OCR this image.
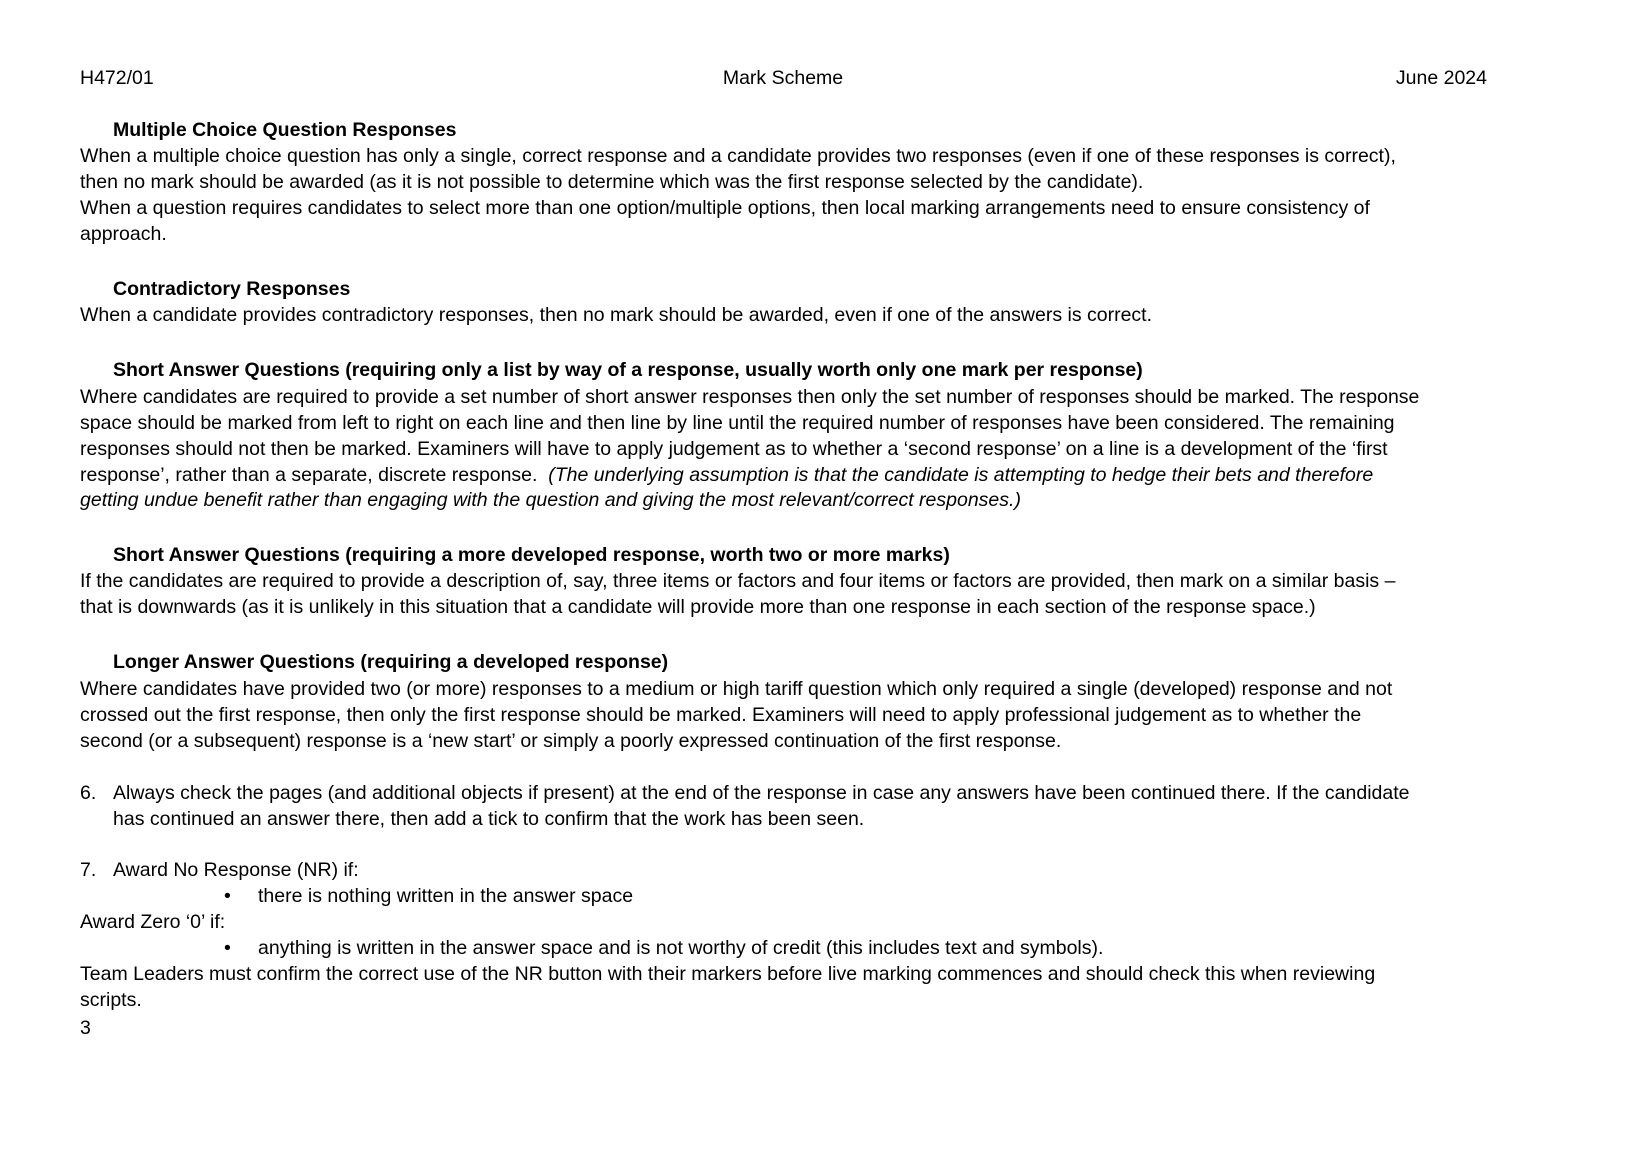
H472/01	Mark Scheme	June 2024
Multiple Choice Question Responses
When a multiple choice question has only a single, correct response and a candidate provides two responses (even if one of these responses is correct),
then no mark should be awarded (as it is not possible to determine which was the first response selected by the candidate).
When a question requires candidates to select more than one option/multiple options, then local marking arrangements need to ensure consistency of
approach.
Contradictory Responses
When a candidate provides contradictory responses, then no mark should be awarded, even if one of the answers is correct.
Short Answer Questions (requiring only a list by way of a response, usually worth only one mark per response)
Where candidates are required to provide a set number of short answer responses then only the set number of responses should be marked. The response
space should be marked from left to right on each line and then line by line until the required number of responses have been considered. The remaining
responses should not then be marked. Examiners will have to apply judgement as to whether a ‘second response’ on a line is a development of the ‘first
response’, rather than a separate, discrete response.  (The underlying assumption is that the candidate is attempting to hedge their bets and therefore
getting undue benefit rather than engaging with the question and giving the most relevant/correct responses.)
Short Answer Questions (requiring a more developed response, worth two or more marks)
If the candidates are required to provide a description of, say, three items or factors and four items or factors are provided, then mark on a similar basis –
that is downwards (as it is unlikely in this situation that a candidate will provide more than one response in each section of the response space.)
Longer Answer Questions (requiring a developed response)
Where candidates have provided two (or more) responses to a medium or high tariff question which only required a single (developed) response and not
crossed out the first response, then only the first response should be marked. Examiners will need to apply professional judgement as to whether the
second (or a subsequent) response is a ‘new start’ or simply a poorly expressed continuation of the first response.
6. Always check the pages (and additional objects if present) at the end of the response in case any answers have been continued there. If the candidate
has continued an answer there, then add a tick to confirm that the work has been seen.
7. Award No Response (NR) if:
• there is nothing written in the answer space
Award Zero ‘0’ if:
• anything is written in the answer space and is not worthy of credit (this includes text and symbols).
Team Leaders must confirm the correct use of the NR button with their markers before live marking commences and should check this when reviewing
scripts.
3
